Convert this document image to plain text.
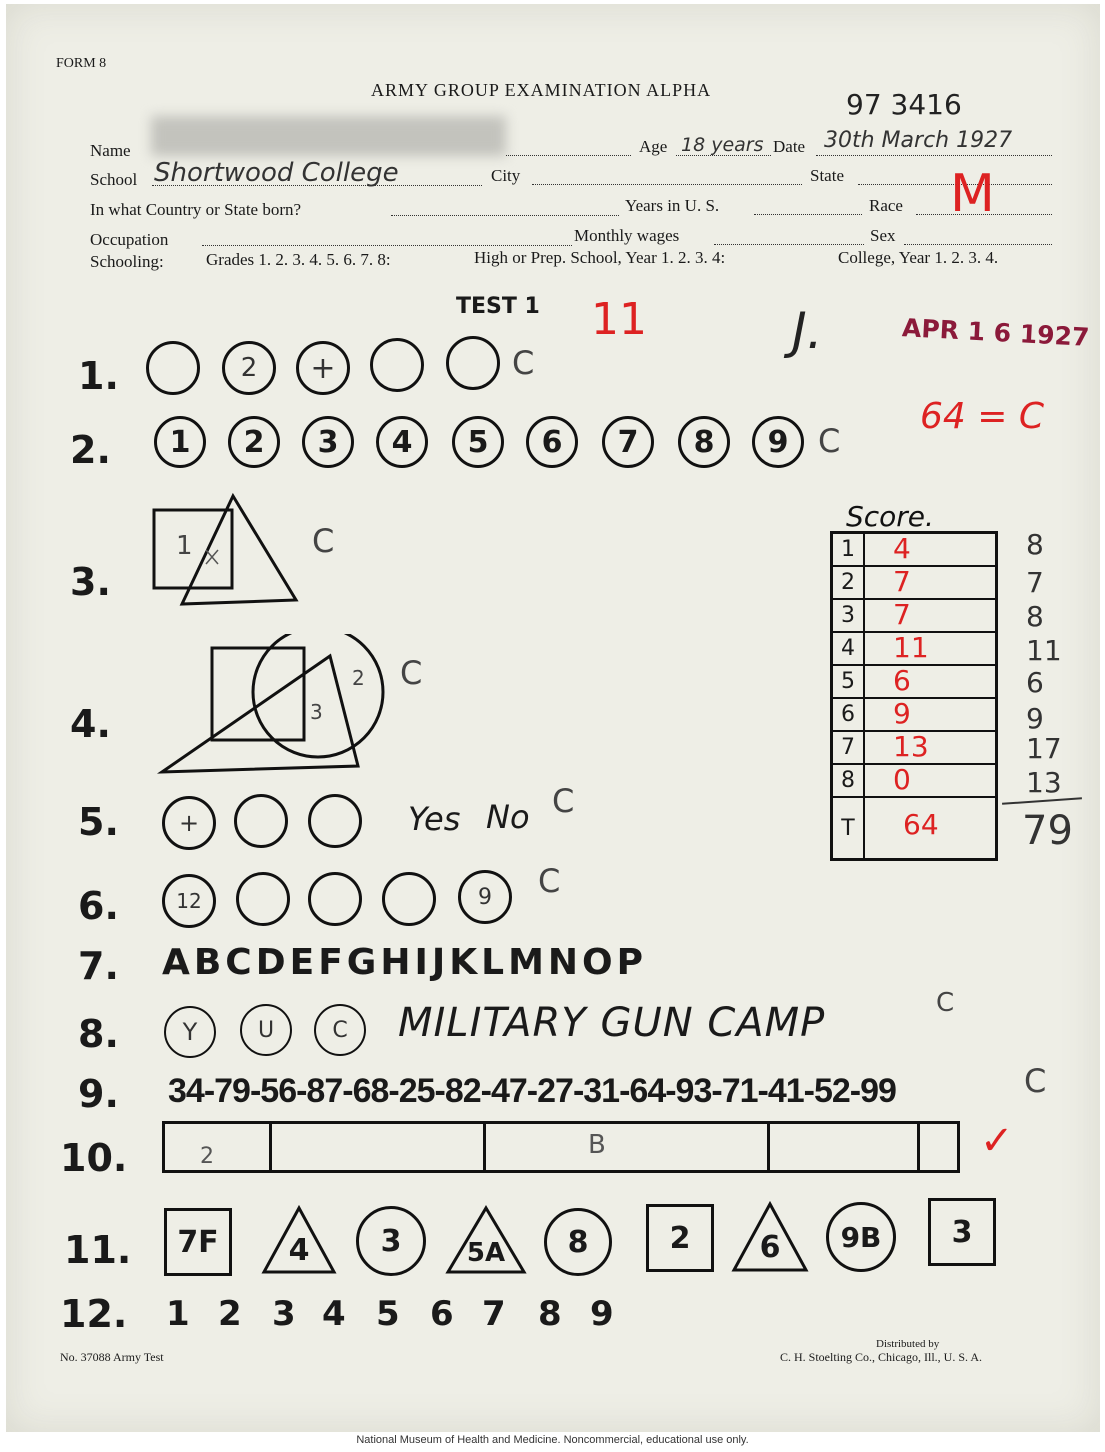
FORM 8
ARMY GROUP EXAMINATION ALPHA	97 3416
APR 1 6 1927
Name	Age 18 years Date 30th March 1927
School Shortwood College	City	State
In what Country or State born?	Years in U. S.	Race M
Occupation	Monthly wages	Sex
Schooling: Grades 1. 2. 3. 4. 5. 6. 7. 8:	High or Prep. School, Year 1. 2. 3. 4:	College, Year 1. 2. 3. 4.
TEST 1 11	J.
64 = C
1.
2.
3.
4.
5.
6.
7.
8.
9.
10.
11.
12.
2 +	C
1 2 3 4 5 6 7 8 9 C
1	C
2
3
C
+	Yes No C
12	9 C
ABCDEFGHIJKLMNOP
Y	U	C MILITARY GUN CAMP	C
34-79-56-87-68-25-82-47-27-31-64-93-71-41-52-99	C
2	B	✓
7F 4 3	5A 8	2 6 9B 3
1 2 3 4 5 6 7 8 9
Score.
1	4
2	7
3	7
4	11
5	6
6	9
7	13
8	0
T	64
8
7
8
11
6
9
17
13
79
No. 37088 Army Test
Distributed by
C. H. Stoelting Co., Chicago, Ill., U. S. A.
National Museum of Health and Medicine. Noncommercial, educational use only.
